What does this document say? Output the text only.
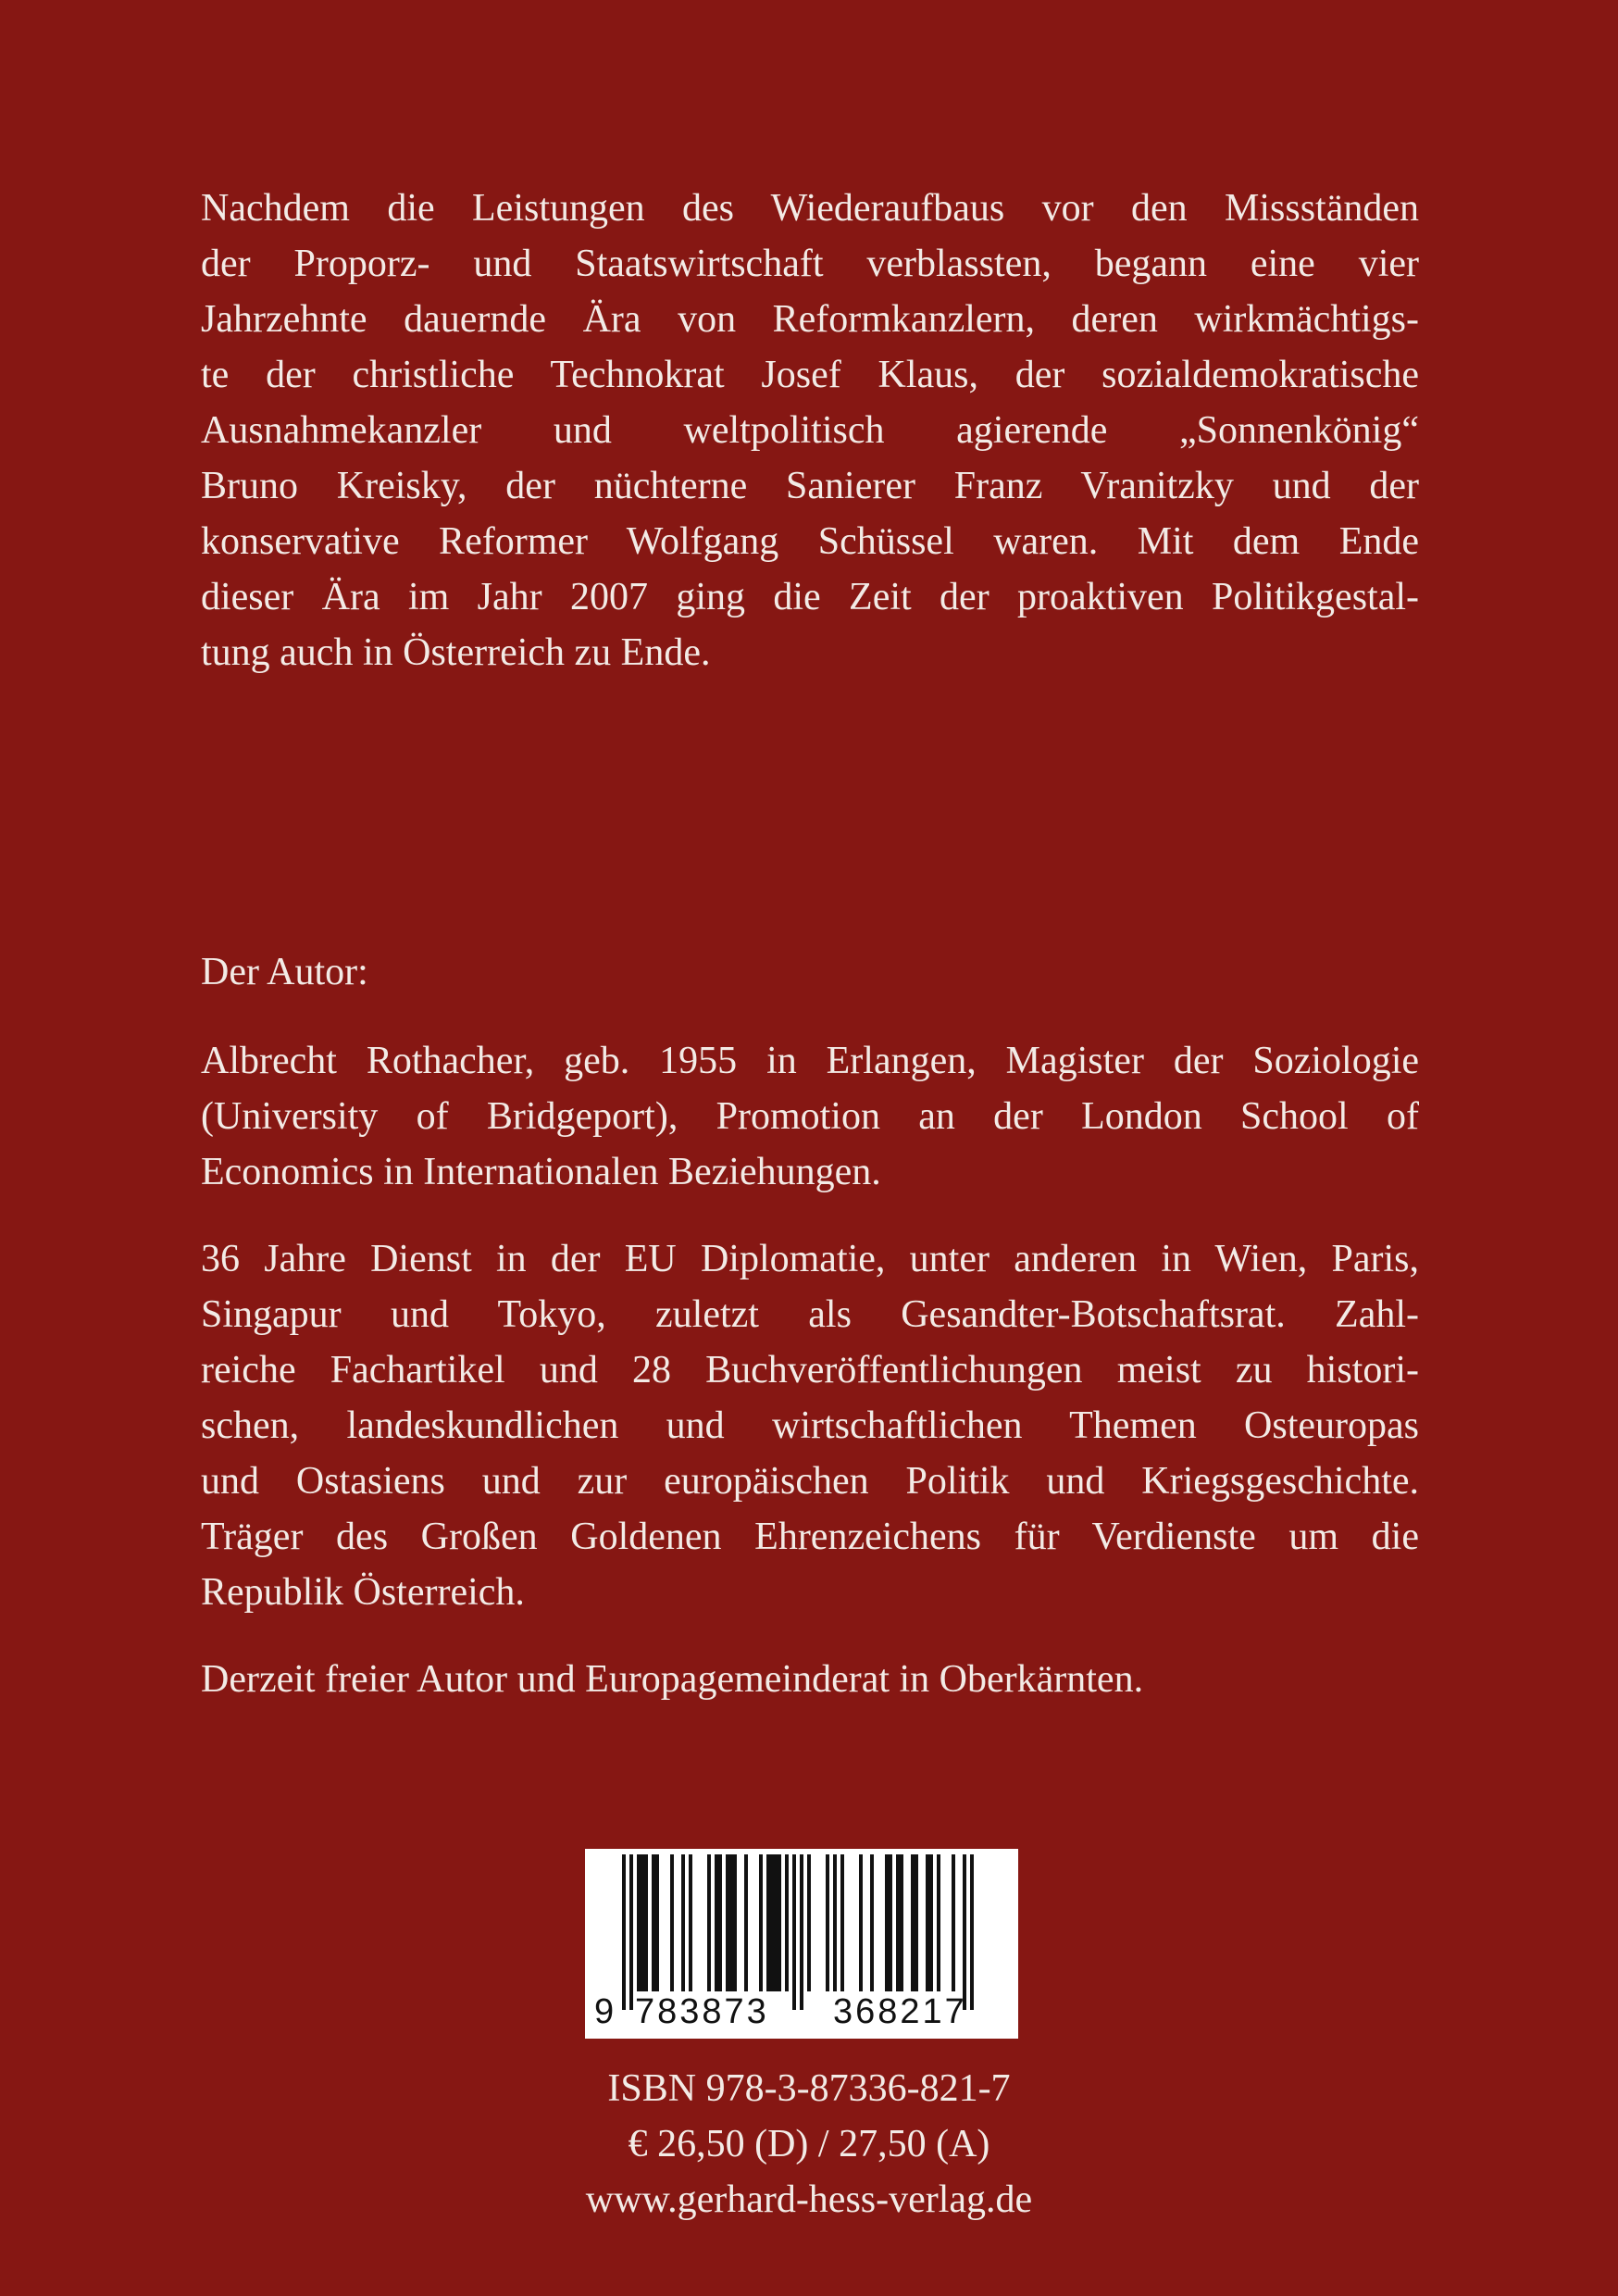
Nachdem die Leistungen des Wiederaufbaus vor den Missständen

der Proporz- und Staatswirtschaft verblassten, begann eine vier

Jahrzehnte dauernde Ära von Reformkanzlern, deren wirkmächtigs-

te der christliche Technokrat Josef Klaus, der sozialdemokratische

Ausnahmekanzler und weltpolitisch agierende „Sonnenkönig“

Bruno Kreisky, der nüchterne Sanierer Franz Vranitzky und der

konservative Reformer Wolfgang Schüssel waren. Mit dem Ende

dieser Ära im Jahr 2007 ging die Zeit der proaktiven Politikgestal-

tung auch in Österreich zu Ende.

Der Autor:

Albrecht Rothacher, geb. 1955 in Erlangen, Magister der Soziologie

(University of Bridgeport), Promotion an der London School of

Economics in Internationalen Beziehungen.

36 Jahre Dienst in der EU Diplomatie, unter anderen in Wien, Paris,

Singapur und Tokyo, zuletzt als Gesandter-Botschaftsrat. Zahl-

reiche Fachartikel und 28 Buchveröffentlichungen meist zu histori-

schen, landeskundlichen und wirtschaftlichen Themen Osteuropas

und Ostasiens und zur europäischen Politik und Kriegsgeschichte.

Träger des Großen Goldenen Ehrenzeichens für Verdienste um die

Republik Österreich.

Derzeit freier Autor und Europagemeinderat in Oberkärnten.

9 783873 368217
ISBN 978-3-87336-821-7
€ 26,50 (D) / 27,50 (A)
www.gerhard-hess-verlag.de
